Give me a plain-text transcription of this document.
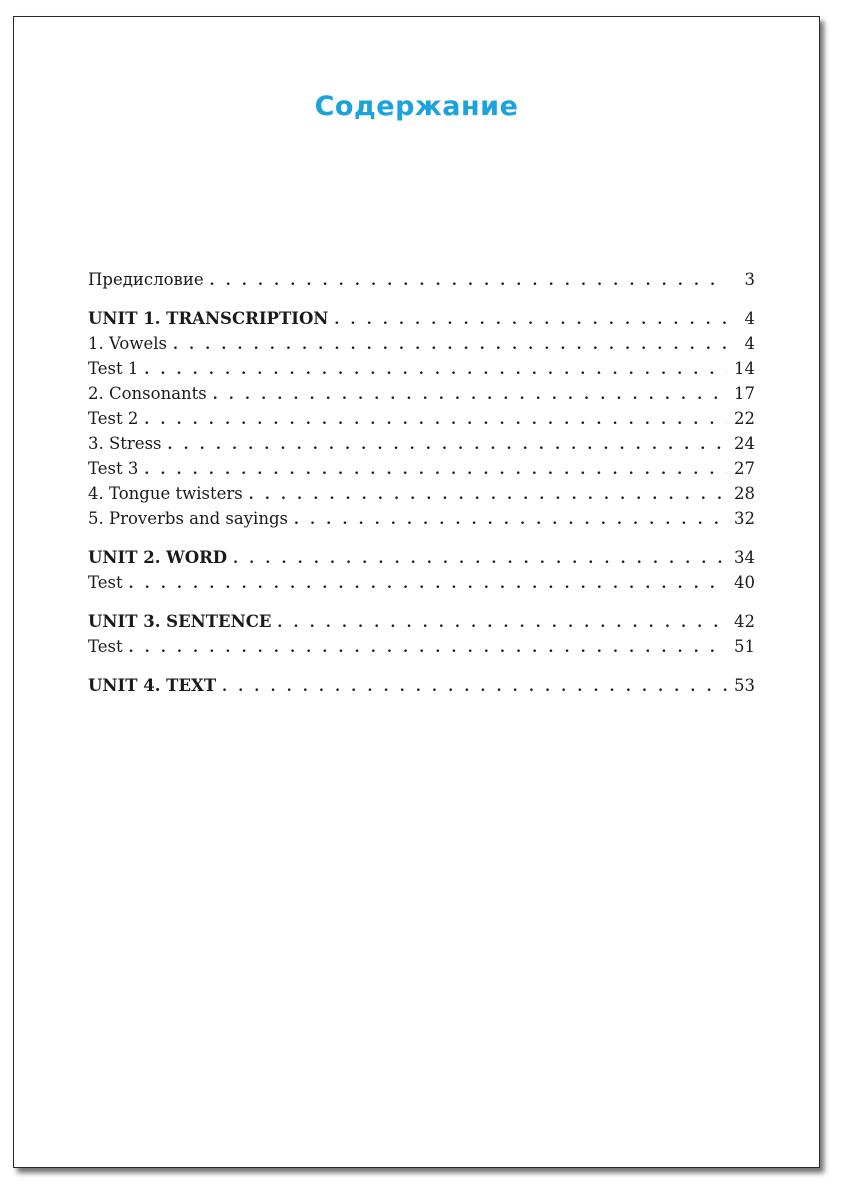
Содержание
Предисловие . . .	3
UNIT 1. TRANSCRIPTION . . .	4
1. Vowels . . .	4
Test 1 . . .	14
2. Consonants . . .	17
Test 2 . . .	22
3. Stress . . .	24
Test 3 . . .	27
4. Tongue twisters . . .	28
5. Proverbs and sayings . . .	32
UNIT 2. WORD . . .	34
Test . . .	40
UNIT 3. SENTENCE . . .	42
Test . . .	51
UNIT 4. TEXT . . .	53
